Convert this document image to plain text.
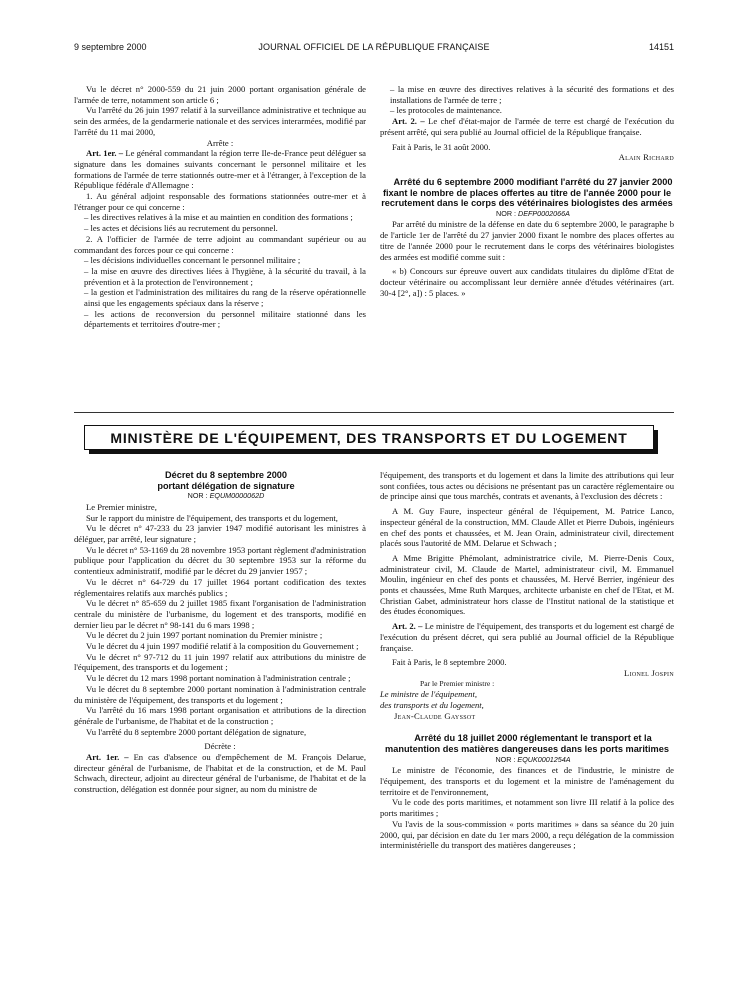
9 septembre 2000	JOURNAL OFFICIEL DE LA RÉPUBLIQUE FRANÇAISE	14151

Vu le décret n° 2000-559 du 21 juin 2000 portant organisation générale de l'armée de terre, notamment son article 6 ;

Vu l'arrêté du 26 juin 1997 relatif à la surveillance administrative et technique au sein des armées, de la gendarmerie nationale et des services interarmées, modifié par l'arrêté du 11 mai 2000,

Arrête :

Art. 1er. – Le général commandant la région terre Ile-de-France peut déléguer sa signature dans les domaines suivants concernant le personnel militaire et les formations de l'armée de terre stationnés outre-mer et à l'étranger, à l'exception de la République fédérale d'Allemagne :

1. Au général adjoint responsable des formations stationnées outre-mer et à l'étranger pour ce qui concerne :

– les directives relatives à la mise et au maintien en condition des formations ;

– les actes et décisions liés au recrutement du personnel.

2. A l'officier de l'armée de terre adjoint au commandant supérieur ou au commandant des forces pour ce qui concerne :

– les décisions individuelles concernant le personnel militaire ;

– la mise en œuvre des directives liées à l'hygiène, à la sécurité du travail, à la prévention et à la protection de l'environnement ;

– la gestion et l'administration des militaires du rang de la réserve opérationnelle ainsi que les engagements spéciaux dans la réserve ;

– les actions de reconversion du personnel militaire stationné dans les départements et territoires d'outre-mer ;

– la mise en œuvre des directives relatives à la sécurité des formations et des installations de l'armée de terre ;

– les protocoles de maintenance.

Art. 2. – Le chef d'état-major de l'armée de terre est chargé de l'exécution du présent arrêté, qui sera publié au Journal officiel de la République française.

Fait à Paris, le 31 août 2000.

Alain Richard

Arrêté du 6 septembre 2000 modifiant l'arrêté du 27 janvier 2000 fixant le nombre de places offertes au titre de l'année 2000 pour le recrutement dans le corps des vétérinaires biologistes des armées

NOR : DEFP0002066A

Par arrêté du ministre de la défense en date du 6 septembre 2000, le paragraphe b de l'article 1er de l'arrêté du 27 janvier 2000 fixant le nombre des places offertes au titre de l'année 2000 pour le recrutement dans le corps des vétérinaires biologistes des armées est modifié comme suit :

« b) Concours sur épreuve ouvert aux candidats titulaires du diplôme d'Etat de docteur vétérinaire ou accomplissant leur dernière année d'études vétérinaires (art. 30-4 [2°, a]) : 5 places. »

MINISTÈRE DE L'ÉQUIPEMENT, DES TRANSPORTS ET DU LOGEMENT

Décret du 8 septembre 2000

portant délégation de signature

NOR : EQUM0000062D

Le Premier ministre,

Sur le rapport du ministre de l'équipement, des transports et du logement,

Vu le décret n° 47-233 du 23 janvier 1947 modifié autorisant les ministres à déléguer, par arrêté, leur signature ;

Vu le décret n° 53-1169 du 28 novembre 1953 portant règlement d'administration publique pour l'application du décret du 30 septembre 1953 sur la réforme du contentieux administratif, modifié par le décret du 29 janvier 1957 ;

Vu le décret n° 64-729 du 17 juillet 1964 portant codification des textes réglementaires relatifs aux marchés publics ;

Vu le décret n° 85-659 du 2 juillet 1985 fixant l'organisation de l'administration centrale du ministère de l'urbanisme, du logement et des transports, modifié en dernier lieu par le décret n° 98-141 du 6 mars 1998 ;

Vu le décret du 2 juin 1997 portant nomination du Premier ministre ;

Vu le décret du 4 juin 1997 modifié relatif à la composition du Gouvernement ;

Vu le décret n° 97-712 du 11 juin 1997 relatif aux attributions du ministre de l'équipement, des transports et du logement ;

Vu le décret du 12 mars 1998 portant nomination à l'administration centrale ;

Vu le décret du 8 septembre 2000 portant nomination à l'administration centrale du ministère de l'équipement, des transports et du logement ;

Vu l'arrêté du 16 mars 1998 portant organisation et attributions de la direction générale de l'urbanisme, de l'habitat et de la construction ;

Vu l'arrêté du 8 septembre 2000 portant délégation de signature,

Décrète :

Art. 1er. – En cas d'absence ou d'empêchement de M. François Delarue, directeur général de l'urbanisme, de l'habitat et de la construction, et de M. Paul Schwach, directeur, adjoint au directeur général de l'urbanisme, de l'habitat et de la construction, délégation est donnée pour signer, au nom du ministre de

l'équipement, des transports et du logement et dans la limite des attributions qui leur sont confiées, tous actes ou décisions ne présentant pas un caractère réglementaire ou de principe ainsi que tous marchés, contrats et avenants, à l'exclusion des décrets :

A M. Guy Faure, inspecteur général de l'équipement, M. Patrice Lanco, inspecteur général de la construction, MM. Claude Allet et Pierre Dubois, ingénieurs en chef des ponts et chaussées, et M. Jean Orain, administrateur civil, directement placés sous l'autorité de MM. Delarue et Schwach ;

A Mme Brigitte Phémolant, administratrice civile, M. Pierre-Denis Coux, administrateur civil, M. Claude de Martel, administrateur civil, M. Emmanuel Moulin, ingénieur en chef des ponts et chaussées, M. Hervé Berrier, ingénieur des ponts et chaussées, Mme Ruth Marques, architecte urbaniste en chef de l'Etat, et M. Christian Gabet, administrateur hors classe de l'Institut national de la statistique et des études économiques.

Art. 2. – Le ministre de l'équipement, des transports et du logement est chargé de l'exécution du présent décret, qui sera publié au Journal officiel de la République française.

Fait à Paris, le 8 septembre 2000.

Lionel Jospin

Par le Premier ministre :

Le ministre de l'équipement,

des transports et du logement,

Jean-Claude Gayssot

Arrêté du 18 juillet 2000 réglementant le transport et la manutention des matières dangereuses dans les ports maritimes

NOR : EQUK0001254A

Le ministre de l'économie, des finances et de l'industrie, le ministre de l'équipement, des transports et du logement et la ministre de l'aménagement du territoire et de l'environnement,

Vu le code des ports maritimes, et notamment son livre III relatif à la police des ports maritimes ;

Vu l'avis de la sous-commission « ports maritimes » dans sa séance du 20 juin 2000, qui, par décision en date du 1er mars 2000, a reçu délégation de la commission interministérielle du transport des matières dangereuses ;
